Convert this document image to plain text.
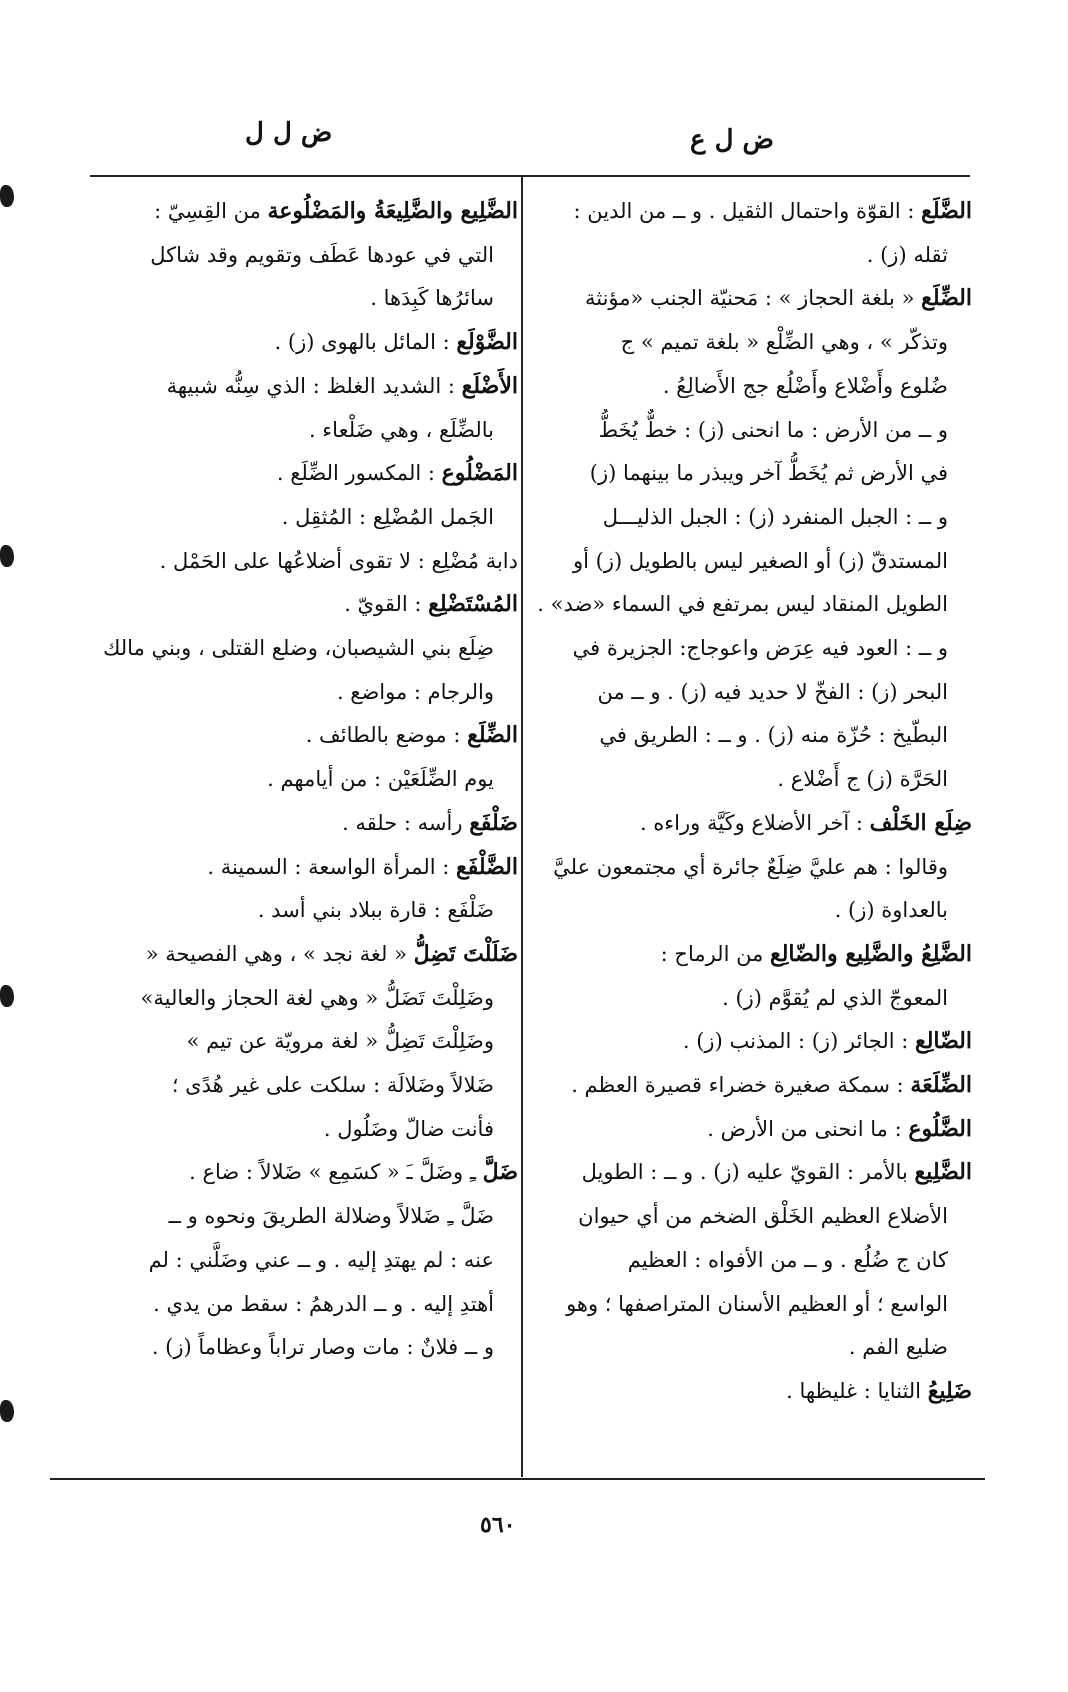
ض ل ع
ض ل ل
الضَّلَع : القوّة واحتمال الثقيل . و ــ من الدين :
ثقله (ز) .
الضِّلَع « بلغة الحجاز » : مَحنيّة الجنب «مؤنثة
وتذكّر » ، وهي الضِّلْع « بلغة تميم » ج
ضُلوع وأَضْلاع وأَضْلُع جج الأَضالِعُ .
و ــ من الأرض : ما انحنى (ز) : خطٌّ يُخَطُّ
في الأرض ثم يُخَطُّ آخر ويبذر ما بينهما (ز)
و ــ : الجبل المنفرد (ز) : الجبل الذليـــل
المستدقّ (ز) أو الصغير ليس بالطويل (ز) أو
الطويل المنقاد ليس بمرتفع في السماء «ضد» .
و ــ : العود فيه عِرَض واعوجاج: الجزيرة في
البحر (ز) : الفخّ لا حديد فيه (ز) . و ــ من
البطّيخ : حُزّة منه (ز) . و ــ : الطريق في
الحَرَّة (ز) ج أَضْلاع .
ضِلَع الخَلْف : آخر الأضلاع وكَيَّة وراءه .
وقالوا : هم عليَّ ضِلَعٌ جائرة أي مجتمعون عليَّ
بالعداوة (ز) .
الضَّلِعُ والضَّلِيع والضّالِع من الرماح :
المعوجّ الذي لم يُقوَّم (ز) .
الضّالِع : الجائر (ز) : المذنب (ز) .
الضِّلَعَة : سمكة صغيرة خضراء قصيرة العظم .
الضَّلُوع : ما انحنى من الأرض .
الضَّلِيع بالأمر : القويّ عليه (ز) . و ــ : الطويل
الأضلاع العظيم الخَلْق الضخم من أي حيوان
كان ج ضُلُع . و ــ من الأفواه : العظيم
الواسع ؛ أو العظيم الأسنان المتراصفها ؛ وهو
ضليع الفم .
ضَلِيعُ الثنايا : غليظها .
الضَّلِيع والضَّلِيعَةُ والمَضْلُوعة من القِسِيّ :
التي في عودها عَطَف وتقويم وقد شاكل
سائرُها كَبِدَها .
الضَّوْلَع : المائل بالهوى (ز) .
الأَضْلَع : الشديد الغلظ : الذي سِنُّه شبيهة
بالضِّلَع ، وهي ضَلْعاء .
المَضْلُوع : المكسور الضِّلَع .
الجَمل المُضْلِع : المُثقِل .
دابة مُضْلِع : لا تقوى أضلاعُها على الحَمْل .
المُسْتَضْلِع : القويّ .
ضِلَع بني الشيصبان، وضلع القتلى ، وبني مالك
والرجام : مواضع .
الضِّلَع : موضع بالطائف .
يوم الضِّلَعَيْن : من أيامهم .
ضَلْفَع رأسه : حلقه .
الضَّلْفَع : المرأة الواسعة : السمينة .
ضَلْفَع : قارة ببلاد بني أسد .
ضَلَلْتَ تَضِلُّ « لغة نجد » ، وهي الفصيحة «
وضَلِلْتَ تَضَلُّ « وهي لغة الحجاز والعالية»
وضَلِلْتَ تَضِلُّ « لغة مرويّة عن تيم »
ضَلالاً وضَلالَة : سلكت على غير هُدًى ؛
فأنت ضالّ وضَلُول .
ضَلَّ ـِ وضَلَّ ـَ « كسَمِع » ضَلالاً : ضاع .
ضَلَّ ـِ ضَلالاً وضلالة الطريقَ ونحوه و ــ
عنه : لم يهتدِ إليه . و ــ عني وضَلَّني : لم
أهتدِ إليه . و ــ الدرهمُ : سقط من يدي .
و ــ فلانٌ : مات وصار تراباً وعظاماً (ز) .
٥٦٠
